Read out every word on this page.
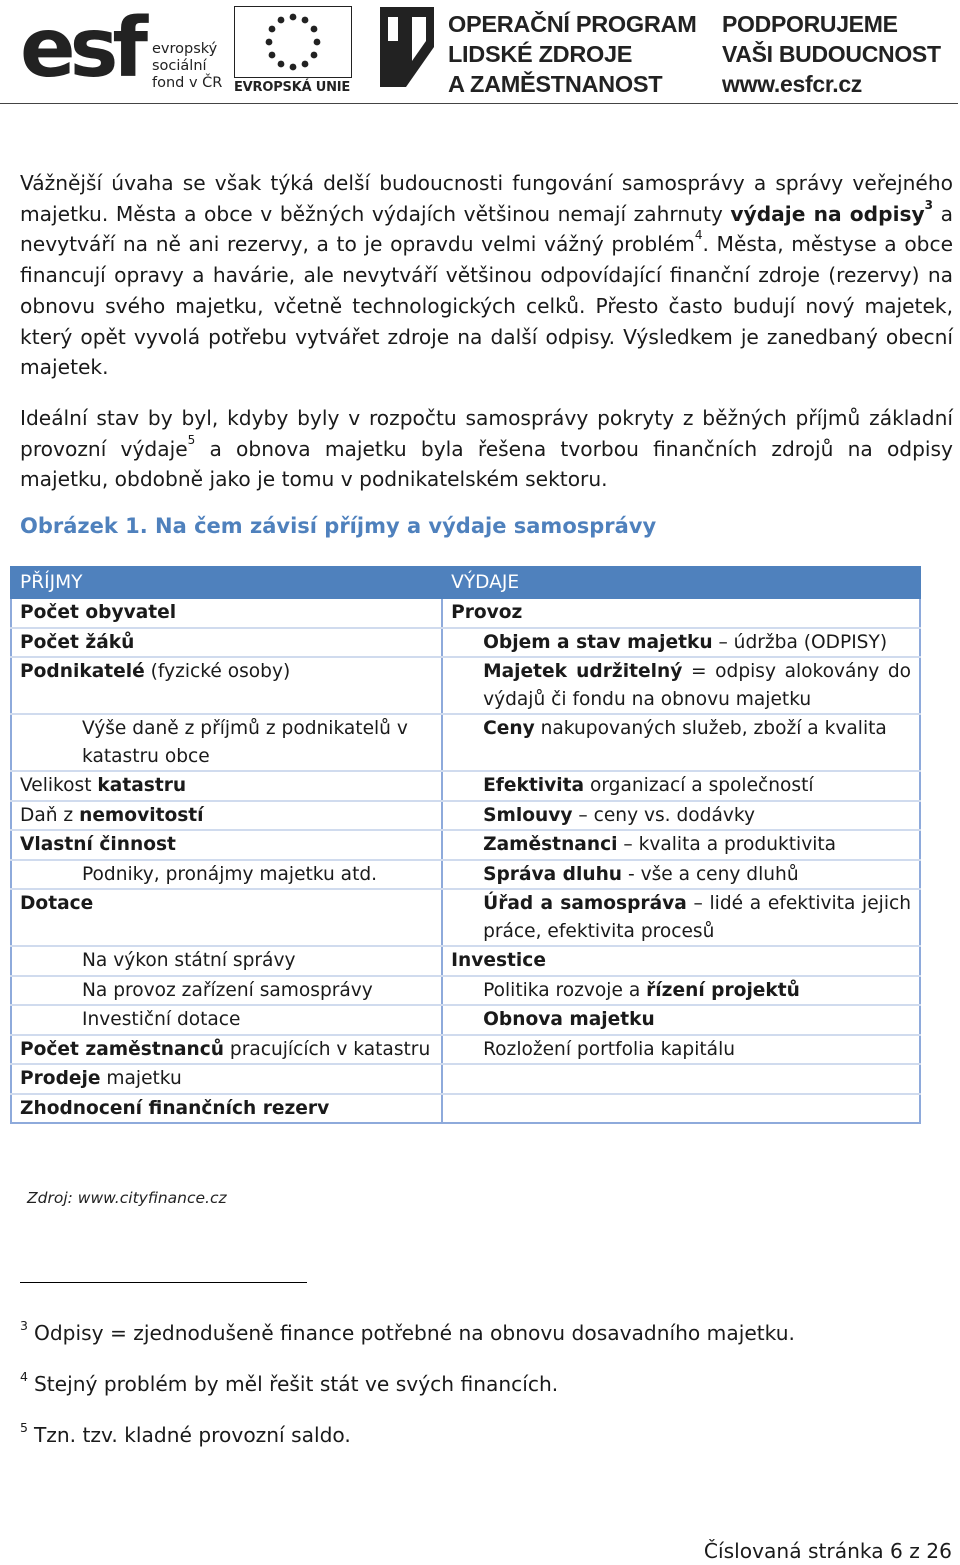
esf evropský
sociální
fond v ČR EVROPSKÁ UNIE
OPERAČNÍ PROGRAM
LIDSKÉ ZDROJE
A ZAMĚSTNANOST
PODPORUJEME
VAŠI BUDOUCNOST
www.esfcr.cz
Vážnější úvaha se však týká delší budoucnosti fungování samosprávy a správy veřejného majetku. Města a obce v běžných výdajích většinou nemají zahrnuty výdaje na odpisy$^3$ a nevytváří na ně ani rezervy, a to je opravdu velmi vážný problém$^4$. Města, městyse a obce financují opravy a havárie, ale nevytváří většinou odpovídající finanční zdroje (rezervy) na obnovu svého majetku, včetně technologických celků. Přesto často budují nový majetek, který opět vyvolá potřebu vytvářet zdroje na další odpisy. Výsledkem je zanedbaný obecní majetek.
Ideální stav by byl, kdyby byly v rozpočtu samosprávy pokryty z běžných příjmů základní provozní výdaje$^5$ a obnova majetku byla řešena tvorbou finančních zdrojů na odpisy majetku, obdobně jako je tomu v podnikatelském sektoru.
Obrázek 1. Na čem závisí příjmy a výdaje samosprávy
PŘÍJMY	VÝDAJE
Počet obyvatel	Provoz
Počet žáků	Objem a stav majetku – údržba (ODPISY)
Podnikatelé (fyzické osoby)	Majetek udržitelný = odpisy alokovány do výdajů či fondu na obnovu majetku
Výše daně z příjmů z podnikatelů v katastru obce	Ceny nakupovaných služeb, zboží a kvalita
Velikost katastru	Efektivita organizací a společností
Daň z nemovitostí	Smlouvy – ceny vs. dodávky
Vlastní činnost	Zaměstnanci – kvalita a produktivita
Podniky, pronájmy majetku atd.	Správa dluhu - vše a ceny dluhů
Dotace	Úřad a samospráva – lidé a efektivita jejich práce, efektivita procesů
Na výkon státní správy	Investice
Na provoz zařízení samosprávy	Politika rozvoje a řízení projektů
Investiční dotace	Obnova majetku
Počet zaměstnanců pracujících v katastru	Rozložení portfolia kapitálu
Prodeje majetku	
Zhodnocení finančních rezerv	
Zdroj: www.cityfinance.cz
$^3$ Odpisy = zjednodušeně finance potřebné na obnovu dosavadního majetku.
$^4$ Stejný problém by měl řešit stát ve svých financích.
$^5$ Tzn. tzv. kladné provozní saldo.
Číslovaná stránka 6 z 26
